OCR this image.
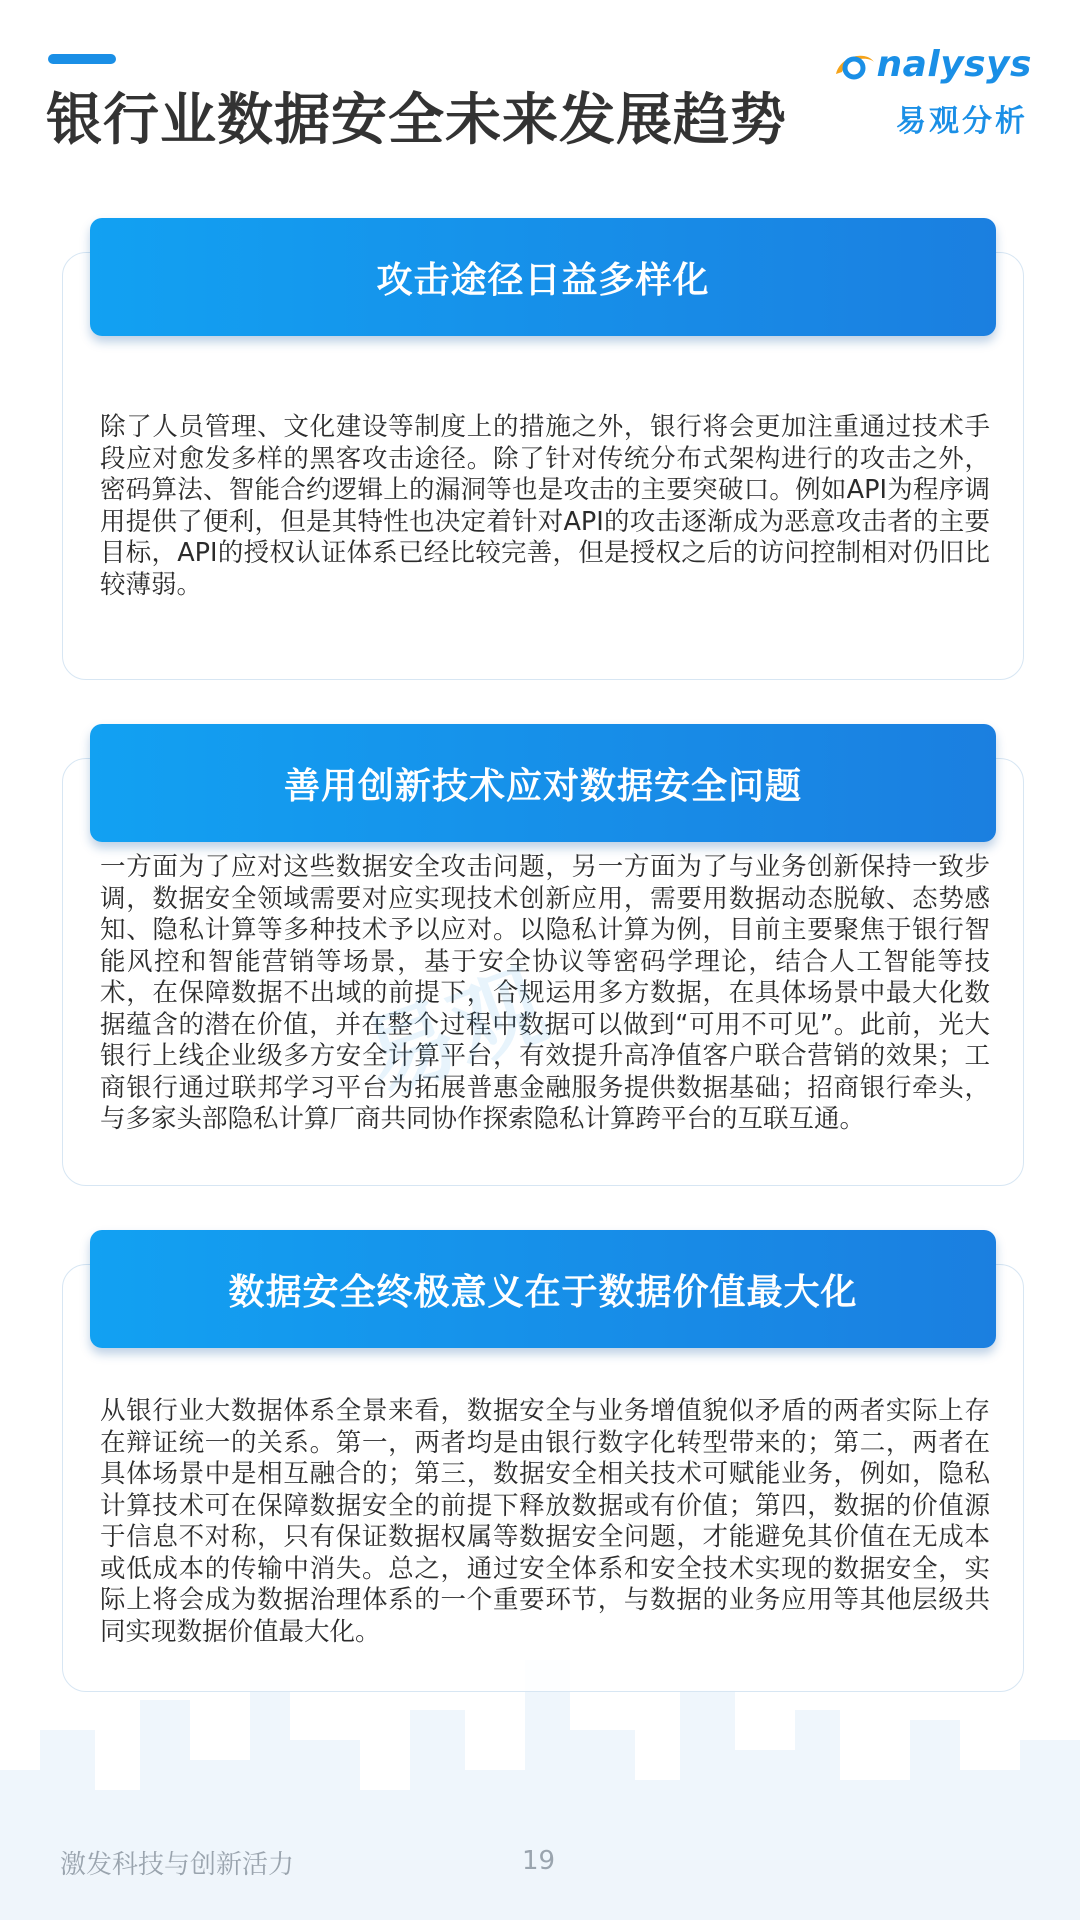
银行业数据安全未来发展趋势
nalysys
易观分析
攻击途径日益多样化

除了人员管理、文化建设等制度上的措施之外，银行将会更加注重通过技术手段应对愈发多样的黑客攻击途径。除了针对传统分布式架构进行的攻击之外，密码算法、智能合约逻辑上的漏洞等也是攻击的主要突破口。例如API为程序调用提供了便利，但是其特性也决定着针对API的攻击逐渐成为恶意攻击者的主要目标，API的授权认证体系已经比较完善，但是授权之后的访问控制相对仍旧比较薄弱。

善用创新技术应对数据安全问题

一方面为了应对这些数据安全攻击问题，另一方面为了与业务创新保持一致步调，数据安全领域需要对应实现技术创新应用，需要用数据动态脱敏、态势感知、隐私计算等多种技术予以应对。以隐私计算为例，目前主要聚焦于银行智能风控和智能营销等场景，基于安全协议等密码学理论，结合人工智能等技术，在保障数据不出域的前提下，合规运用多方数据，在具体场景中最大化数据蕴含的潜在价值，并在整个过程中数据可以做到“可用不可见”。此前，光大银行上线企业级多方安全计算平台，有效提升高净值客户联合营销的效果；工商银行通过联邦学习平台为拓展普惠金融服务提供数据基础；招商银行牵头，与多家头部隐私计算厂商共同协作探索隐私计算跨平台的互联互通。

数据安全终极意义在于数据价值最大化

从银行业大数据体系全景来看，数据安全与业务增值貌似矛盾的两者实际上存在辩证统一的关系。第一，两者均是由银行数字化转型带来的；第二，两者在具体场景中是相互融合的；第三，数据安全相关技术可赋能业务，例如，隐私计算技术可在保障数据安全的前提下释放数据或有价值；第四，数据的价值源于信息不对称，只有保证数据权属等数据安全问题，才能避免其价值在无成本或低成本的传输中消失。总之，通过安全体系和安全技术实现的数据安全，实际上将会成为数据治理体系的一个重要环节，与数据的业务应用等其他层级共同实现数据价值最大化。

激发科技与创新活力	19
